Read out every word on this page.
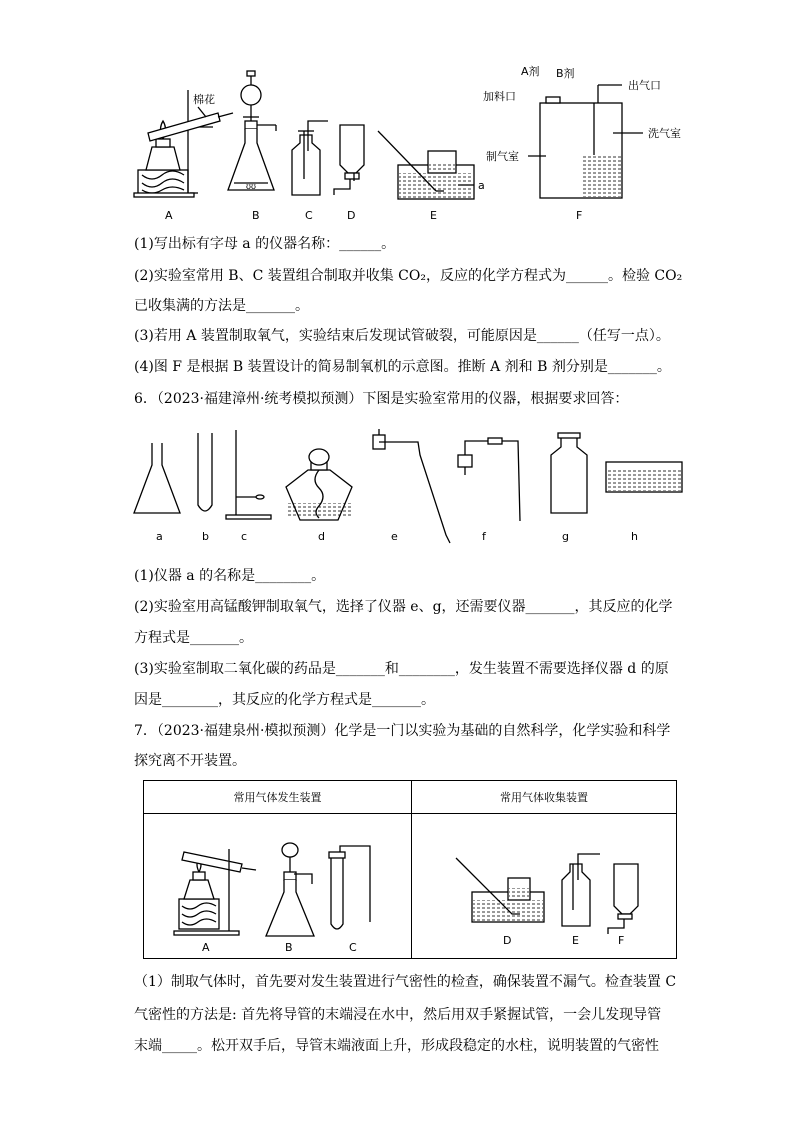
棉花
ʊʊ	a
A剂 B剂
加料口
出气口
洗气室
制气室
A	B	C	D	E	F
(1)写出标有字母 a 的仪器名称：______。
(2)实验室常用 B、C 装置组合制取并收集 CO₂，反应的化学方程式为______。检验 CO₂
已收集满的方法是_______。
(3)若用 A 装置制取氧气，实验结束后发现试管破裂，可能原因是______（任写一点）。
(4)图 F 是根据 B 装置设计的简易制氧机的示意图。推断 A 剂和 B 剂分别是_______。
6．（2023·福建漳州·统考模拟预测）下图是实验室常用的仪器，根据要求回答：
a	b	c	d	e	f	g	h
(1)仪器 a 的名称是________。
(2)实验室用高锰酸钾制取氧气，选择了仪器 e、g，还需要仪器_______，其反应的化学
方程式是_______。
(3)实验室制取二氧化碳的药品是_______和________，发生装置不需要选择仪器 d 的原
因是________，其反应的化学方程式是_______。
7．（2023·福建泉州·模拟预测）化学是一门以实验为基础的自然科学，化学实验和科学
探究离不开装置。
常用气体发生装置	常用气体收集装置

A B C	D E F
（1）制取气体时，首先要对发生装置进行气密性的检查，确保装置不漏气。检查装置 C
气密性的方法是: 首先将导管的末端浸在水中，然后用双手紧握试管，一会儿发现导管
末端_____。松开双手后，导管末端液面上升，形成段稳定的水柱，说明装置的气密性
